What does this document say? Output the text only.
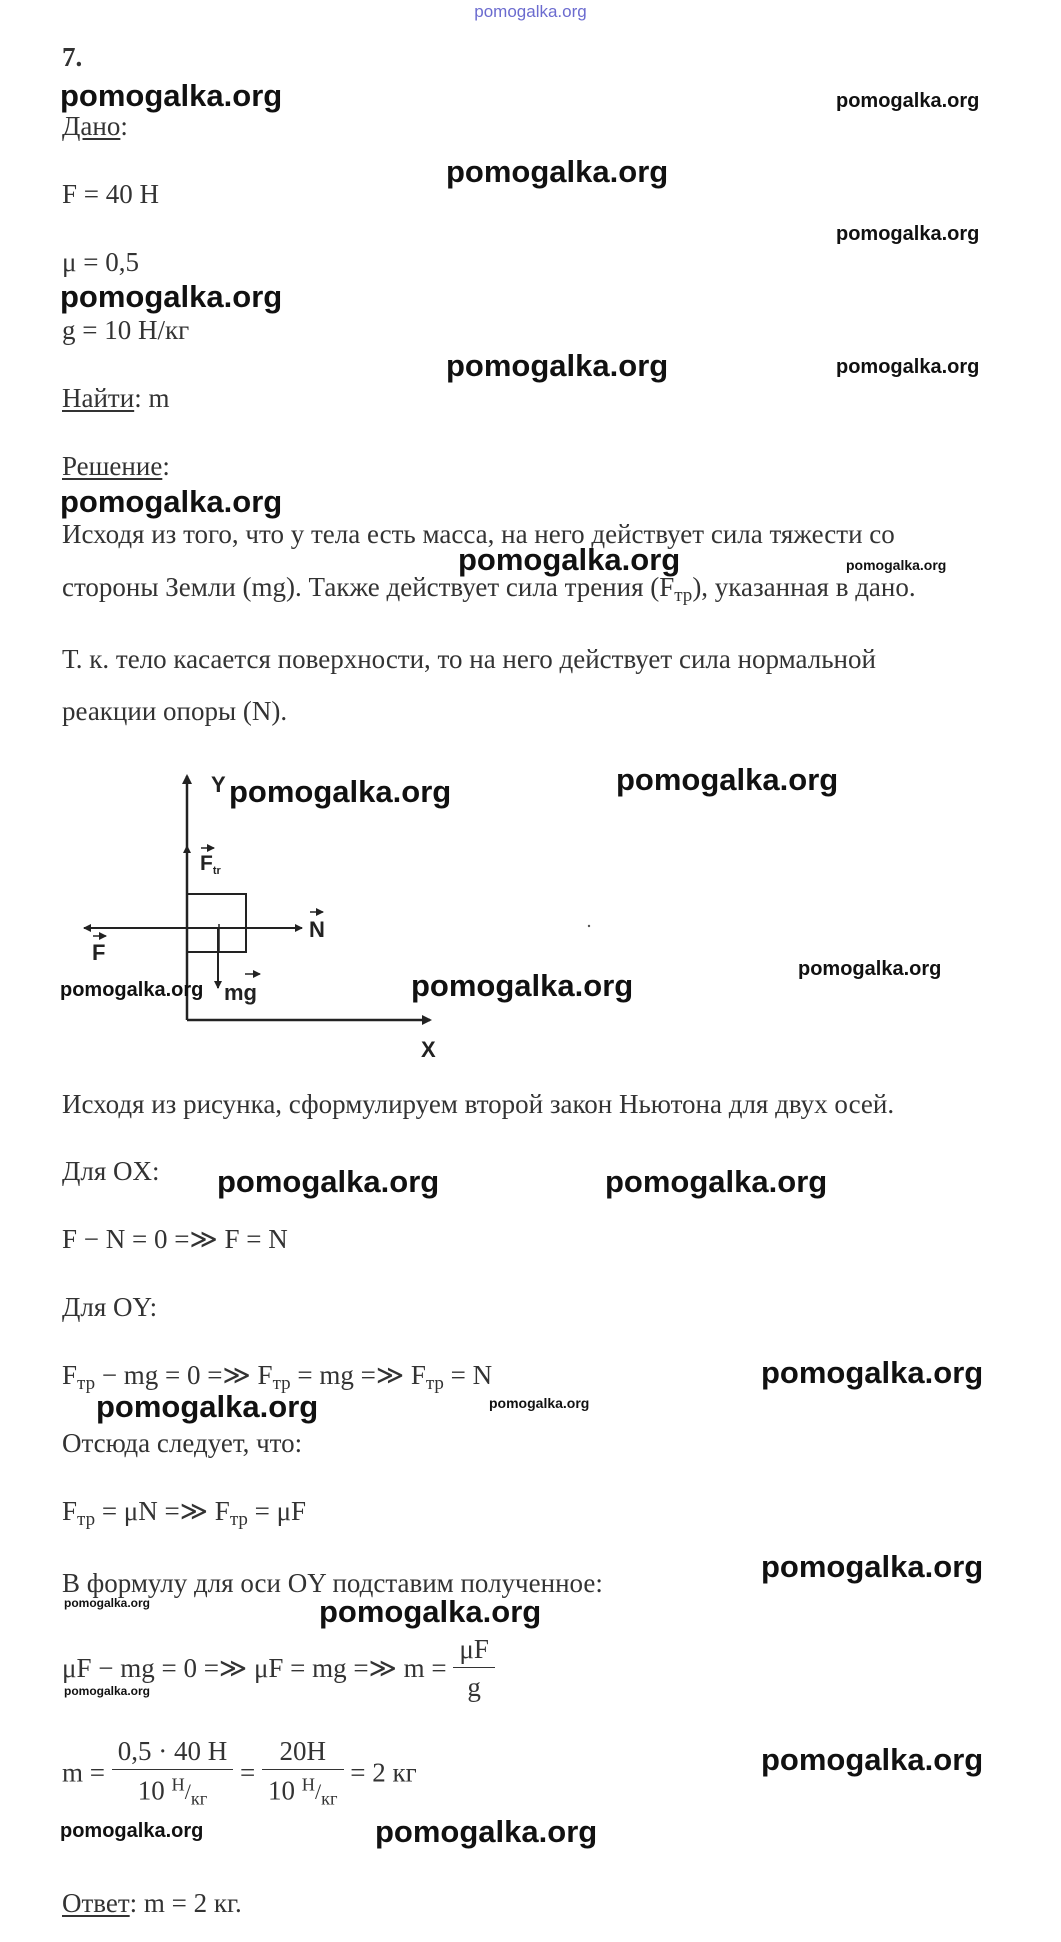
pomogalka.org
7.
Дано:
F = 40 Н
μ = 0,5
g = 10 Н/кг
Найти: m
Решение:
Исходя из того, что у тела есть масса, на него действует сила тяжести со
стороны Земли (mg). Также действует сила трения $(F_{тр})$, указанная в дано.
Т. к. тело касается поверхности, то на него действует сила нормальной
реакции опоры (N).
Y
X
Ftr
N
F
mg
Исходя из рисунка, сформулируем второй закон Ньютона для двух осей.
Для OX:
F − N = 0 =≫ F = N
Для OY:
$F_{тр}$ − mg = 0 =≫ $F_{тр}$ = mg =≫ $F_{тр} = N$
Отсюда следует, что:
$F_{тр} = \mu N$ =≫ $F_{тр} = \mu F$
В формулу для оси OY подставим полученное:
μF − mg = 0 =≫ μF = mg =≫ $m = \frac{\mu F}{g}$
$m = \frac{0,5 \cdot 40 Н}{10 ^Н/_{кг}} = \frac{20Н}{10 ^Н/_{кг}} = 2$ кг
Ответ: m = 2 кг.
pomogalka.org	pomogalka.org
pomogalka.org
pomogalka.org
pomogalka.org
pomogalka.org	pomogalka.org
pomogalka.org
pomogalka.org	pomogalka.org
pomogalka.org	pomogalka.org
pomogalka.org
pomogalka.org	pomogalka.org
pomogalka.org	pomogalka.org
pomogalka.org
pomogalka.org	pomogalka.org
pomogalka.org
pomogalka.org	pomogalka.org
pomogalka.org
pomogalka.org
pomogalka.org	pomogalka.org
